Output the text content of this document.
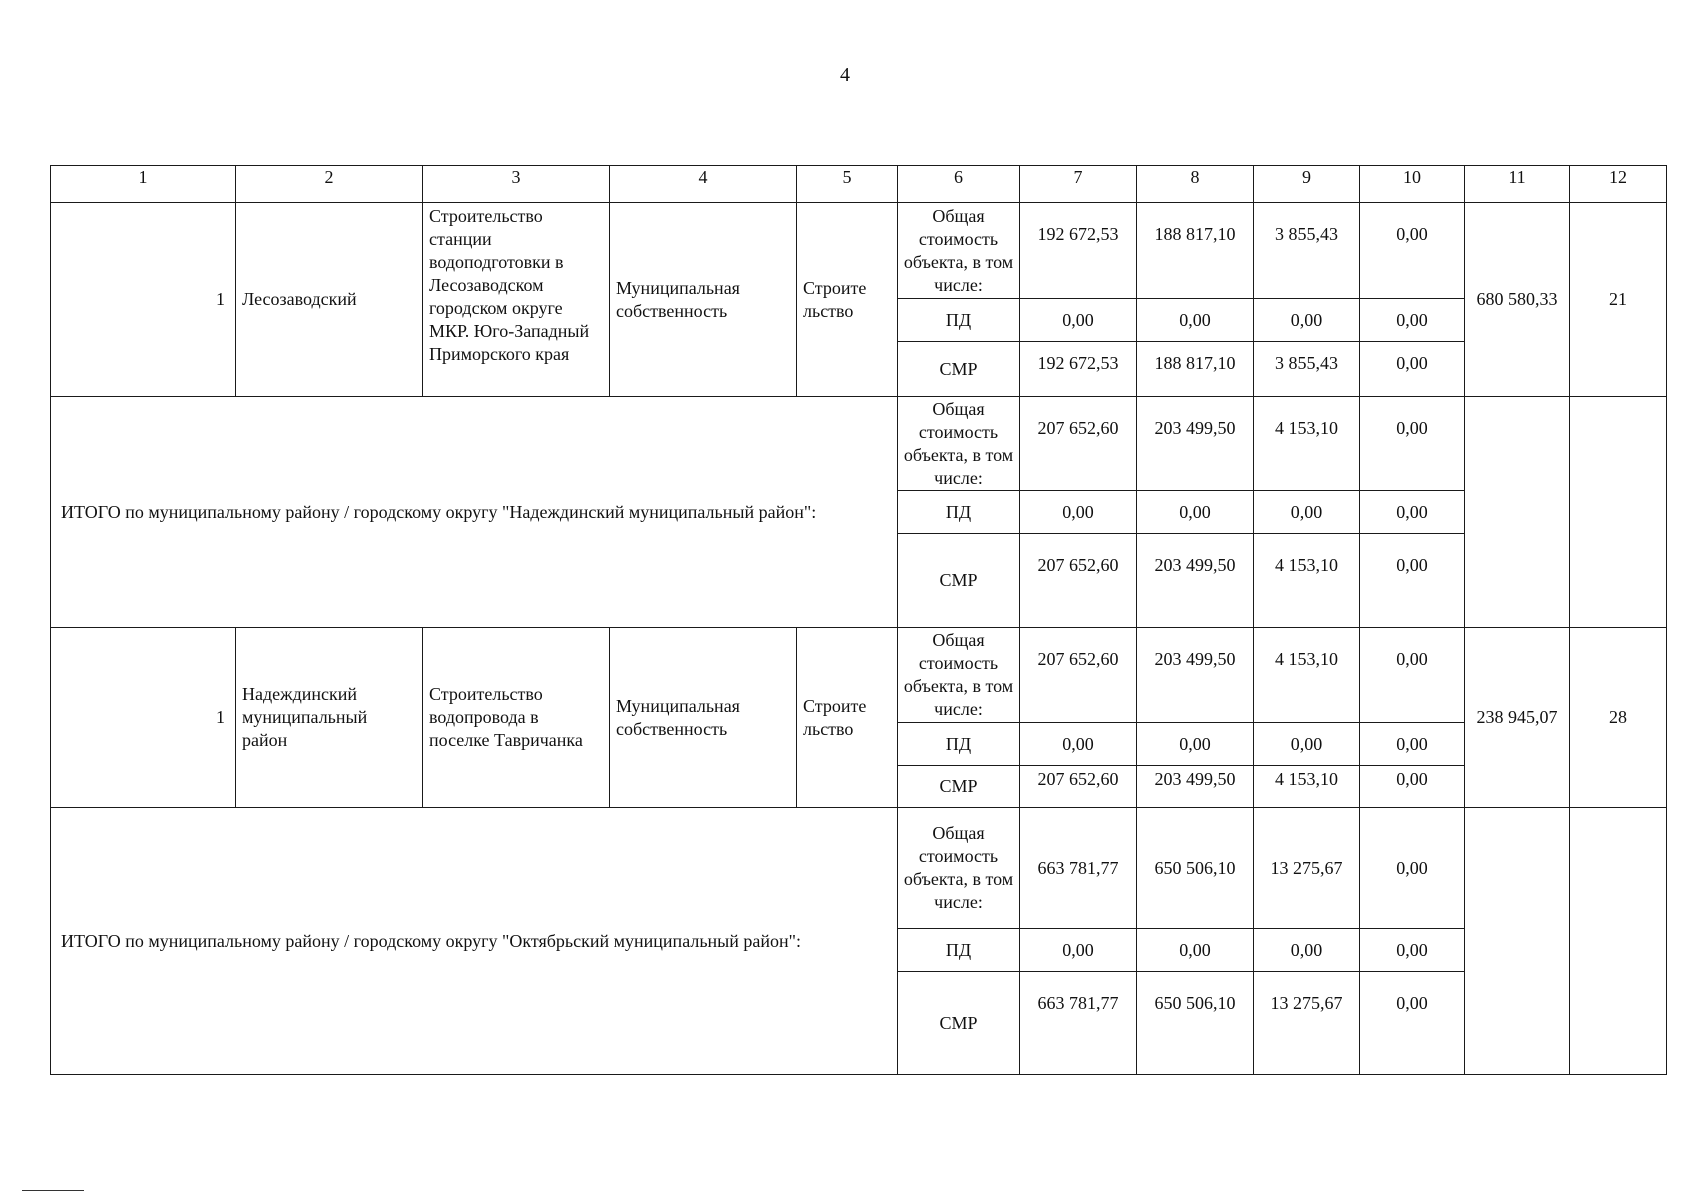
4
1	2	3	4	5	6	7	8	9	10	11	12
1	Лесозаводский	Строительство станции водоподготовки в Лесозаводском городском округе МКР. Юго-Западный Приморского края	Муниципальная собственность	Строите льство	Общая стоимость объекта, в том числе:	192 672,53	188 817,10	3 855,43	0,00	680 580,33	21
					ПД	0,00	0,00	0,00	0,00		
					СМР	192 672,53	188 817,10	3 855,43	0,00		
ИТОГО по муниципальному району / городскому округу "Надеждинский муниципальный район":					Общая стоимость объекта, в том числе:	207 652,60	203 499,50	4 153,10	0,00		
					ПД	0,00	0,00	0,00	0,00		
					СМР	207 652,60	203 499,50	4 153,10	0,00		
1	Надеждинский муниципальный район	Строительство водопровода в поселке Тавричанка	Муниципальная собственность	Строите льство	Общая стоимость объекта, в том числе:	207 652,60	203 499,50	4 153,10	0,00	238 945,07	28
					ПД	0,00	0,00	0,00	0,00		
					СМР	207 652,60	203 499,50	4 153,10	0,00		
ИТОГО по муниципальному району / городскому округу "Октябрьский муниципальный район":					Общая стоимость объекта, в том числе:	663 781,77	650 506,10	13 275,67	0,00		
					ПД	0,00	0,00	0,00	0,00		
					СМР	663 781,77	650 506,10	13 275,67	0,00		
